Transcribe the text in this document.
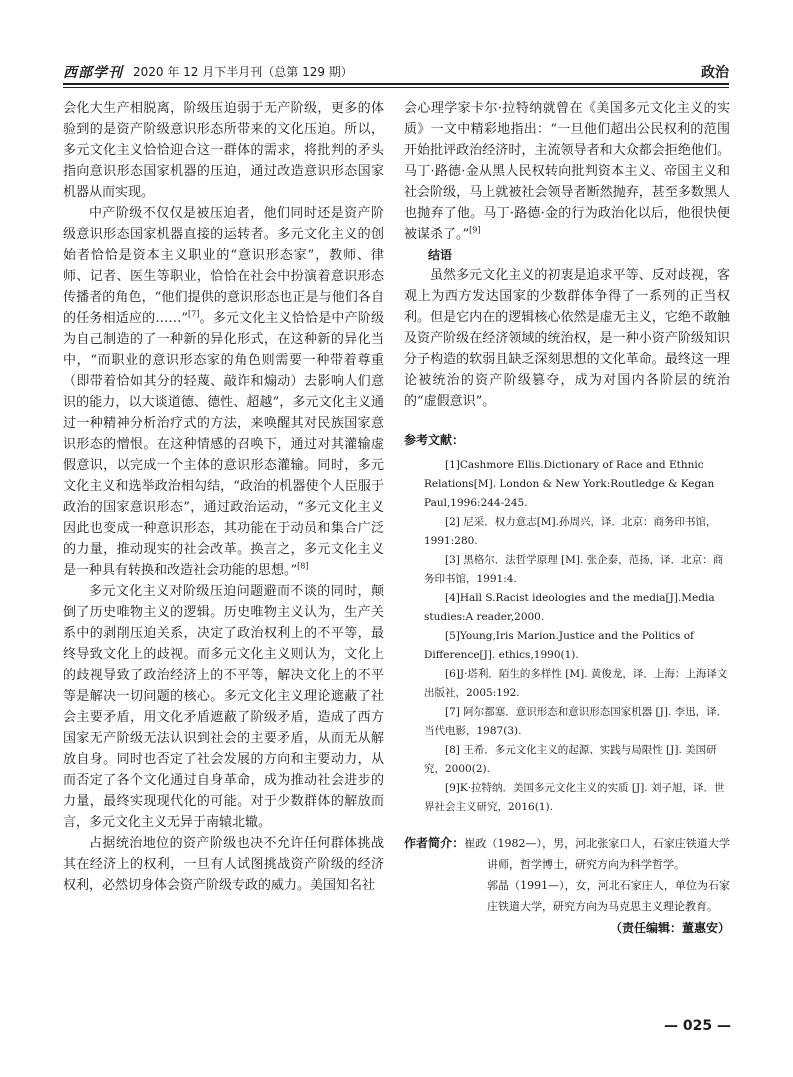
西部学刊 2020 年 12 月下半月刊（总第 129 期）	政治

会化大生产相脱离，阶级压迫弱于无产阶级，更多的体验到的是资产阶级意识形态所带来的文化压迫。所以，多元文化主义恰恰迎合这一群体的需求，将批判的矛头指向意识形态国家机器的压迫，通过改造意识形态国家机器从而实现。

中产阶级不仅仅是被压迫者，他们同时还是资产阶级意识形态国家机器直接的运转者。多元文化主义的创始者恰恰是资本主义职业的“意识形态家”，教师、律师、记者、医生等职业，恰恰在社会中扮演着意识形态传播者的角色，“他们提供的意识形态也正是与他们各自的任务相适应的……”[7]。多元文化主义恰恰是中产阶级为自己制造的了一种新的异化形式，在这种新的异化当中，“而职业的意识形态家的角色则需要一种带着尊重（即带着恰如其分的轻蔑、敲诈和煽动）去影响人们意识的能力，以大谈道德、德性、超越”，多元文化主义通过一种精神分析治疗式的方法，来唤醒其对民族国家意识形态的憎恨。在这种情感的召唤下，通过对其灌输虚假意识，以完成一个主体的意识形态灌输。同时，多元文化主义和选举政治相勾结，“政治的机器使个人臣服于政治的国家意识形态”，通过政治运动，“多元文化主义因此也变成一种意识形态，其功能在于动员和集合广泛的力量，推动现实的社会改革。换言之，多元文化主义是一种具有转换和改造社会功能的思想。”[8]

多元文化主义对阶级压迫问题避而不谈的同时，颠倒了历史唯物主义的逻辑。历史唯物主义认为，生产关系中的剥削压迫关系，决定了政治权利上的不平等，最终导致文化上的歧视。而多元文化主义则认为，文化上的歧视导致了政治经济上的不平等，解决文化上的不平等是解决一切问题的核心。多元文化主义理论遮蔽了社会主要矛盾，用文化矛盾遮蔽了阶级矛盾，造成了西方国家无产阶级无法认识到社会的主要矛盾，从而无从解放自身。同时也否定了社会发展的方向和主要动力，从而否定了各个文化通过自身革命，成为推动社会进步的力量，最终实现现代化的可能。对于少数群体的解放而言，多元文化主义无异于南辕北辙。

占据统治地位的资产阶级也决不允许任何群体挑战其在经济上的权利，一旦有人试图挑战资产阶级的经济权利，必然切身体会资产阶级专政的威力。美国知名社

会心理学家卡尔·拉特纳就曾在《美国多元文化主义的实质》一文中精彩地指出：“一旦他们超出公民权利的范围开始批评政治经济时，主流领导者和大众都会拒绝他们。马丁·路德·金从黑人民权转向批判资本主义、帝国主义和社会阶级，马上就被社会领导者断然抛弃，甚至多数黑人也抛弃了他。马丁·路德·金的行为政治化以后，他很快便被谋杀了。”[9]

结语

虽然多元文化主义的初衷是追求平等、反对歧视，客观上为西方发达国家的少数群体争得了一系列的正当权利。但是它内在的逻辑核心依然是虚无主义，它绝不敢触及资产阶级在经济领域的统治权，是一种小资产阶级知识分子构造的软弱且缺乏深刻思想的文化革命。最终这一理论被统治的资产阶级篡夺，成为对国内各阶层的统治的“虚假意识”。

参考文献：

[1]Cashmore Ellis.Dictionary of Race and Ethnic Relations[M]. London & New York:Routledge & Kegan Paul,1996:244-245.

[2] 尼采．权力意志[M].孙周兴，译．北京：商务印书馆，1991:280.

[3] 黑格尔．法哲学原理 [M]. 张企泰，范扬，译．北京：商务印书馆，1991:4.

[4]Hall S.Racist ideologies and the media[J].Media studies:A reader,2000.

[5]Young,Iris Marion.Justice and the Politics of Difference[J]. ethics,1990(1).

[6]J·塔利．陌生的多样性 [M]. 黄俊龙，译．上海：上海译文出版社，2005:192.

[7] 阿尔都塞．意识形态和意识形态国家机器 [J]. 李迅，译．当代电影，1987(3).

[8] 王希．多元文化主义的起源、实践与局限性 [J]. 美国研究，2000(2).

[9]K·拉特纳．美国多元文化主义的实质 [J]. 刘子旭，译．世界社会主义研究，2016(1).

作者简介：崔政（1982—），男，河北张家口人，石家庄铁道大学讲师，哲学博士，研究方向为科学哲学。
郭晶（1991—），女，河北石家庄人，单位为石家庄铁道大学，研究方向为马克思主义理论教育。
（责任编辑：董惠安）
— 025 —
